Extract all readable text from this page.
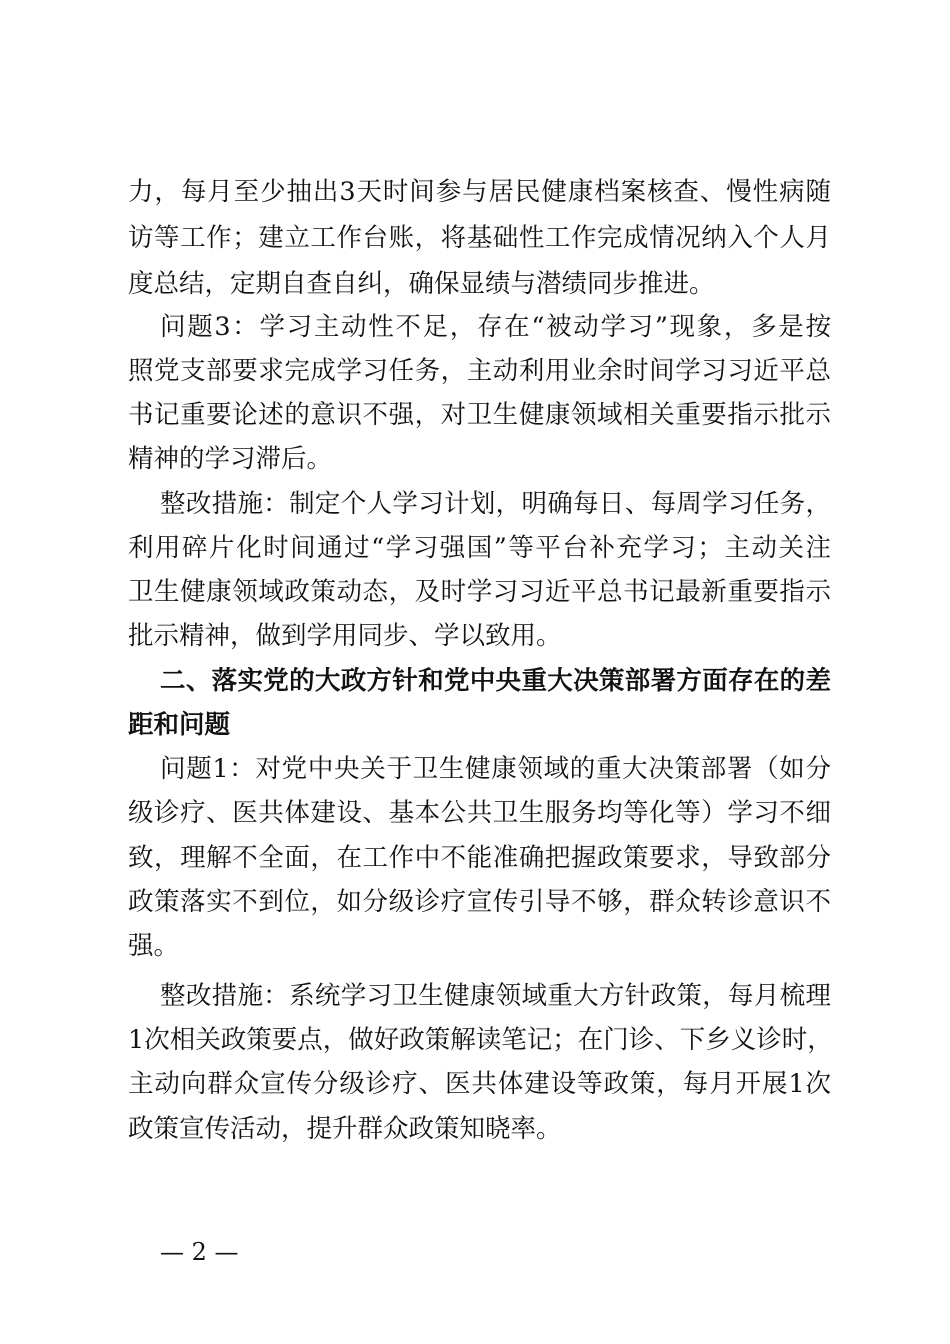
力，每月至少抽出3天时间参与居民健康档案核查、慢性病随
访等工作；建立工作台账，将基础性工作完成情况纳入个人月
度总结，定期自查自纠，确保显绩与潜绩同步推进。
问题3：学习主动性不足，存在“被动学习”现象，多是按
照党支部要求完成学习任务，主动利用业余时间学习习近平总
书记重要论述的意识不强，对卫生健康领域相关重要指示批示
精神的学习滞后。
整改措施：制定个人学习计划，明确每日、每周学习任务，
利用碎片化时间通过“学习强国”等平台补充学习；主动关注
卫生健康领域政策动态，及时学习习近平总书记最新重要指示
批示精神，做到学用同步、学以致用。
二、落实党的大政方针和党中央重大决策部署方面存在的差
距和问题
问题1：对党中央关于卫生健康领域的重大决策部署（如分
级诊疗、医共体建设、基本公共卫生服务均等化等）学习不细
致，理解不全面，在工作中不能准确把握政策要求，导致部分
政策落实不到位，如分级诊疗宣传引导不够，群众转诊意识不
强。
整改措施：系统学习卫生健康领域重大方针政策，每月梳理
1次相关政策要点，做好政策解读笔记；在门诊、下乡义诊时，
主动向群众宣传分级诊疗、医共体建设等政策，每月开展1次
政策宣传活动，提升群众政策知晓率。
— 2 —
